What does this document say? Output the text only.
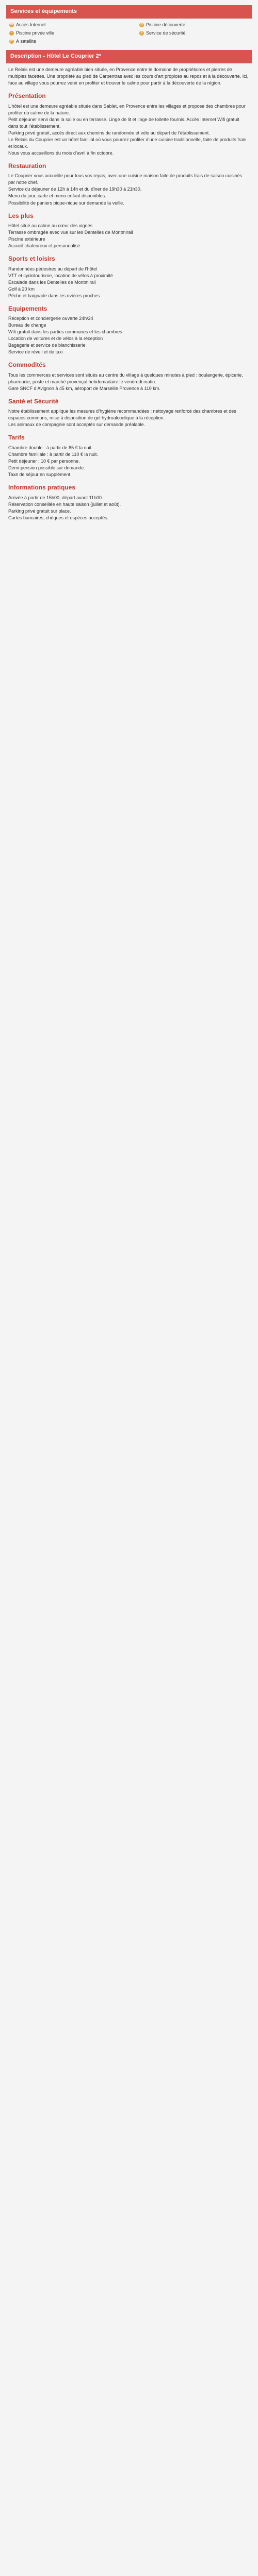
Services et équipements
w Accès Internet	p Piscine découverte
~ Piscine privée ville	s Service de sécurité
P À satellite
Description - Hôtel Le Couprier 2*
Le Relais est une demeure agréable bien située, en Provence entre le domaine de propriétaires et pierres de multiples facettes. Une propriété au pied de Carpentras avec les cours d’art propices au repos et à la découverte. Ici, face au village vous pourrez venir en profiter et trouver le calme pour partir à la découverte de la région.
Présentation
L’hôtel est une demeure agréable située dans Sablet, en Provence entre les villages et propose des chambres pour profiter du calme de la nature.
Petit déjeuner servi dans la salle ou en terrasse. Linge de lit et linge de toilette fournis. Accès Internet Wifi gratuit dans tout l’établissement.
Parking privé gratuit, accès direct aux chemins de randonnée et vélo au départ de l’établissement.
Le Relais du Couprier est un hôtel familial où vous pourrez profiter d’une cuisine traditionnelle, faite de produits frais et locaux.
Nous vous accueillons du mois d’avril à fin octobre.
Restauration
Le Couprier vous accueille pour tous vos repas, avec une cuisine maison faite de produits frais de saison cuisinés par notre chef.
Service du déjeuner de 12h à 14h et du dîner de 19h30 à 21h30.
Menu du jour, carte et menu enfant disponibles.
Possibilité de paniers pique-nique sur demande la veille.
Les plus
Hôtel situé au calme au cœur des vignes
Terrasse ombragée avec vue sur les Dentelles de Montmirail
Piscine extérieure
Accueil chaleureux et personnalisé
Sports et loisirs
Randonnées pédestres au départ de l’hôtel
VTT et cyclotourisme, location de vélos à proximité
Escalade dans les Dentelles de Montmirail
Golf à 20 km
Pêche et baignade dans les rivières proches
Equipements
Réception et conciergerie ouverte 24h/24
Bureau de change
Wifi gratuit dans les parties communes et les chambres
Location de voitures et de vélos à la réception
Bagagerie et service de blanchisserie
Service de réveil et de taxi
Commodités
Tous les commerces et services sont situés au centre du village à quelques minutes à pied : boulangerie, épicerie, pharmacie, poste et marché provençal hebdomadaire le vendredi matin.
Gare SNCF d’Avignon à 45 km, aéroport de Marseille Provence à 110 km.
Santé et Sécurité
Notre établissement applique les mesures d’hygiène recommandées : nettoyage renforcé des chambres et des espaces communs, mise à disposition de gel hydroalcoolique à la réception.
Les animaux de compagnie sont acceptés sur demande préalable.
Tarifs
Chambre double : à partir de 85 € la nuit.
Chambre familiale : à partir de 110 € la nuit.
Petit déjeuner : 10 € par personne.
Demi-pension possible sur demande.
Taxe de séjour en supplément.
Informations pratiques
Arrivée à partir de 15h00, départ avant 11h00.
Réservation conseillée en haute saison (juillet et août).
Parking privé gratuit sur place.
Cartes bancaires, chèques et espèces acceptés.
